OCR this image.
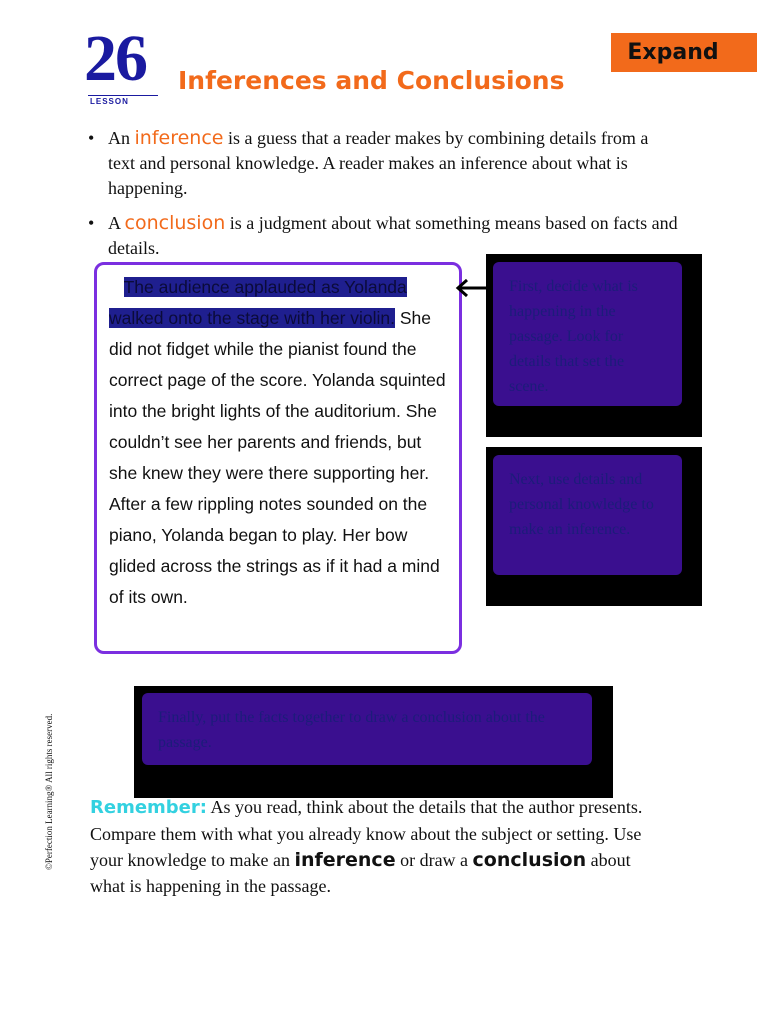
26
LESSON
Inferences and Conclusions
Expand
• An inference is a guess that a reader makes by combining details from a text and personal knowledge. A reader makes an inference about what is happening.
• A conclusion is a judgment about what something means based on facts and details.
The audience applauded as Yolanda walked onto the stage with her violin. She did not fidget while the pianist found the correct page of the score. Yolanda squinted into the bright lights of the auditorium. She couldn’t see her parents and friends, but she knew they were there supporting her. After a few rippling notes sounded on the piano, Yolanda began to play. Her bow glided across the strings as if it had a mind of its own.
First, decide what is happening in the passage. Look for details that set the scene.
Next, use details and personal knowledge to make an inference.
Finally, put the facts together to draw a conclusion about the passage.
©Perfection Learning® All rights reserved. Remember: As you read, think about the details that the author presents. Compare them with what you already know about the subject or setting. Use your knowledge to make an inference or draw a conclusion about what is happening in the passage.
